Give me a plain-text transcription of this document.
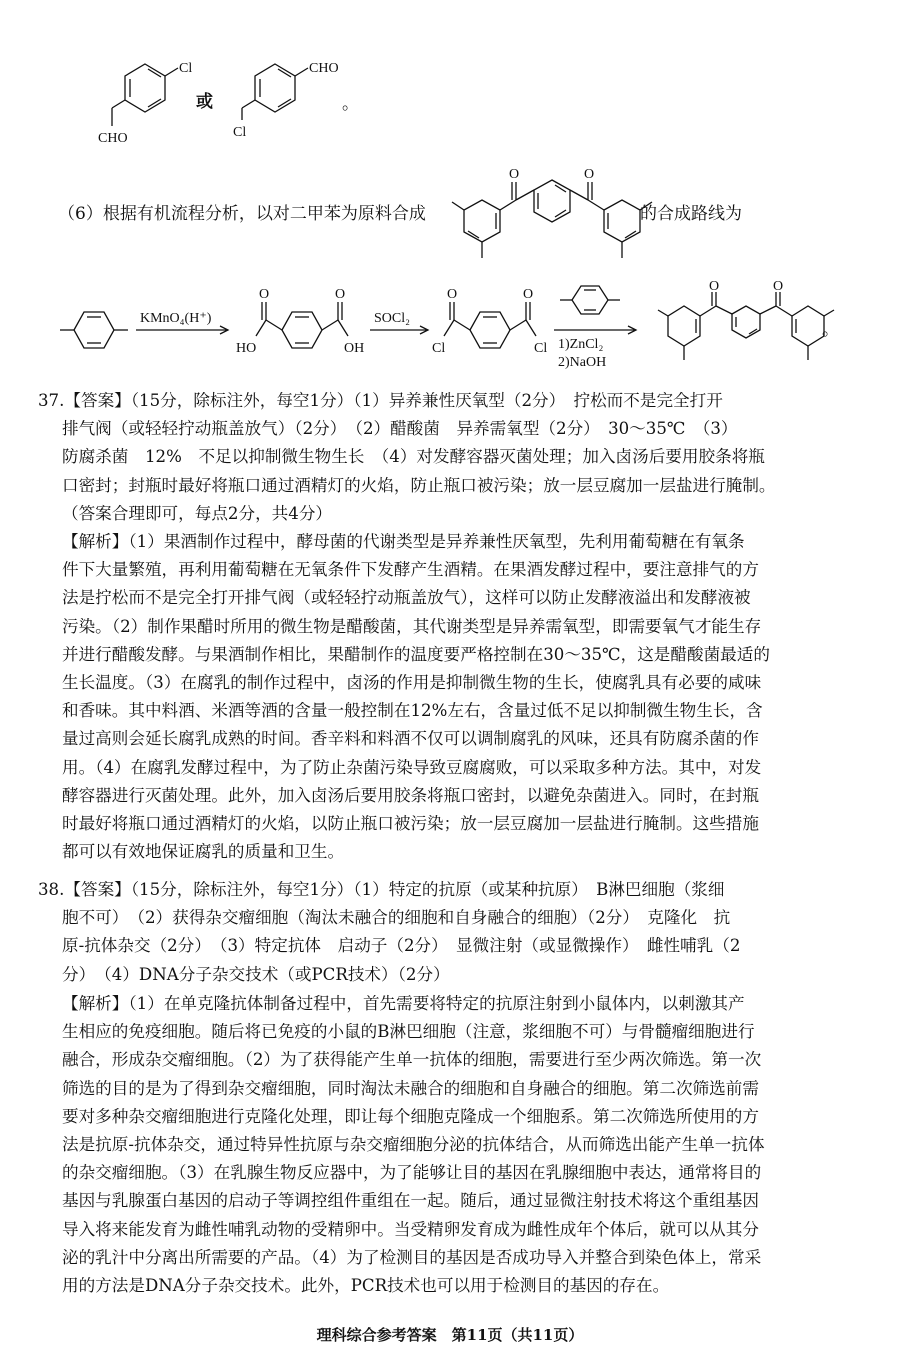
Cl
CHO
或
CHO
Cl
。
（6）根据有机流程分析，以对二甲苯为原料合成
O	O
的合成路线为
KMnO₄(H⁺)
O
HO
O
OH
SOCl₂
O
Cl
O
Cl 1)ZnCl₂
2)NaOH
O	O
。
37.【答案】（15分，除标注外，每空1分）（1）异养兼性厌氧型（2分）　拧松而不是完全打开
排气阀（或轻轻拧动瓶盖放气）（2分）　（2）醋酸菌　异养需氧型（2分）　30～35℃　（3）
防腐杀菌　12%　不足以抑制微生物生长　（4）对发酵容器灭菌处理；加入卤汤后要用胶条将瓶
口密封；封瓶时最好将瓶口通过酒精灯的火焰，防止瓶口被污染；放一层豆腐加一层盐进行腌制。
（答案合理即可，每点2分，共4分）
【解析】（1）果酒制作过程中，酵母菌的代谢类型是异养兼性厌氧型，先利用葡萄糖在有氧条
件下大量繁殖，再利用葡萄糖在无氧条件下发酵产生酒精。在果酒发酵过程中，要注意排气的方
法是拧松而不是完全打开排气阀（或轻轻拧动瓶盖放气），这样可以防止发酵液溢出和发酵液被
污染。（2）制作果醋时所用的微生物是醋酸菌，其代谢类型是异养需氧型，即需要氧气才能生存
并进行醋酸发酵。与果酒制作相比，果醋制作的温度要严格控制在30～35℃，这是醋酸菌最适的
生长温度。（3）在腐乳的制作过程中，卤汤的作用是抑制微生物的生长，使腐乳具有必要的咸味
和香味。其中料酒、米酒等酒的含量一般控制在12%左右，含量过低不足以抑制微生物生长，含
量过高则会延长腐乳成熟的时间。香辛料和料酒不仅可以调制腐乳的风味，还具有防腐杀菌的作
用。（4）在腐乳发酵过程中，为了防止杂菌污染导致豆腐腐败，可以采取多种方法。其中，对发
酵容器进行灭菌处理。此外，加入卤汤后要用胶条将瓶口密封，以避免杂菌进入。同时，在封瓶
时最好将瓶口通过酒精灯的火焰，以防止瓶口被污染；放一层豆腐加一层盐进行腌制。这些措施
都可以有效地保证腐乳的质量和卫生。
38.【答案】（15分，除标注外，每空1分）（1）特定的抗原（或某种抗原）　B淋巴细胞（浆细
胞不可）　（2）获得杂交瘤细胞（淘汰未融合的细胞和自身融合的细胞）（2分）　克隆化　抗
原-抗体杂交（2分）　（3）特定抗体　启动子（2分）　显微注射（或显微操作）　雌性哺乳（2
分）　（4）DNA分子杂交技术（或PCR技术）（2分）
【解析】（1）在单克隆抗体制备过程中，首先需要将特定的抗原注射到小鼠体内，以刺激其产
生相应的免疫细胞。随后将已免疫的小鼠的B淋巴细胞（注意，浆细胞不可）与骨髓瘤细胞进行
融合，形成杂交瘤细胞。（2）为了获得能产生单一抗体的细胞，需要进行至少两次筛选。第一次
筛选的目的是为了得到杂交瘤细胞，同时淘汰未融合的细胞和自身融合的细胞。第二次筛选前需
要对多种杂交瘤细胞进行克隆化处理，即让每个细胞克隆成一个细胞系。第二次筛选所使用的方
法是抗原-抗体杂交，通过特异性抗原与杂交瘤细胞分泌的抗体结合，从而筛选出能产生单一抗体
的杂交瘤细胞。（3）在乳腺生物反应器中，为了能够让目的基因在乳腺细胞中表达，通常将目的
基因与乳腺蛋白基因的启动子等调控组件重组在一起。随后，通过显微注射技术将这个重组基因
导入将来能发育为雌性哺乳动物的受精卵中。当受精卵发育成为雌性成年个体后，就可以从其分
泌的乳汁中分离出所需要的产品。（4）为了检测目的基因是否成功导入并整合到染色体上，常采
用的方法是DNA分子杂交技术。此外，PCR技术也可以用于检测目的基因的存在。
理科综合参考答案　第11页（共11页）
